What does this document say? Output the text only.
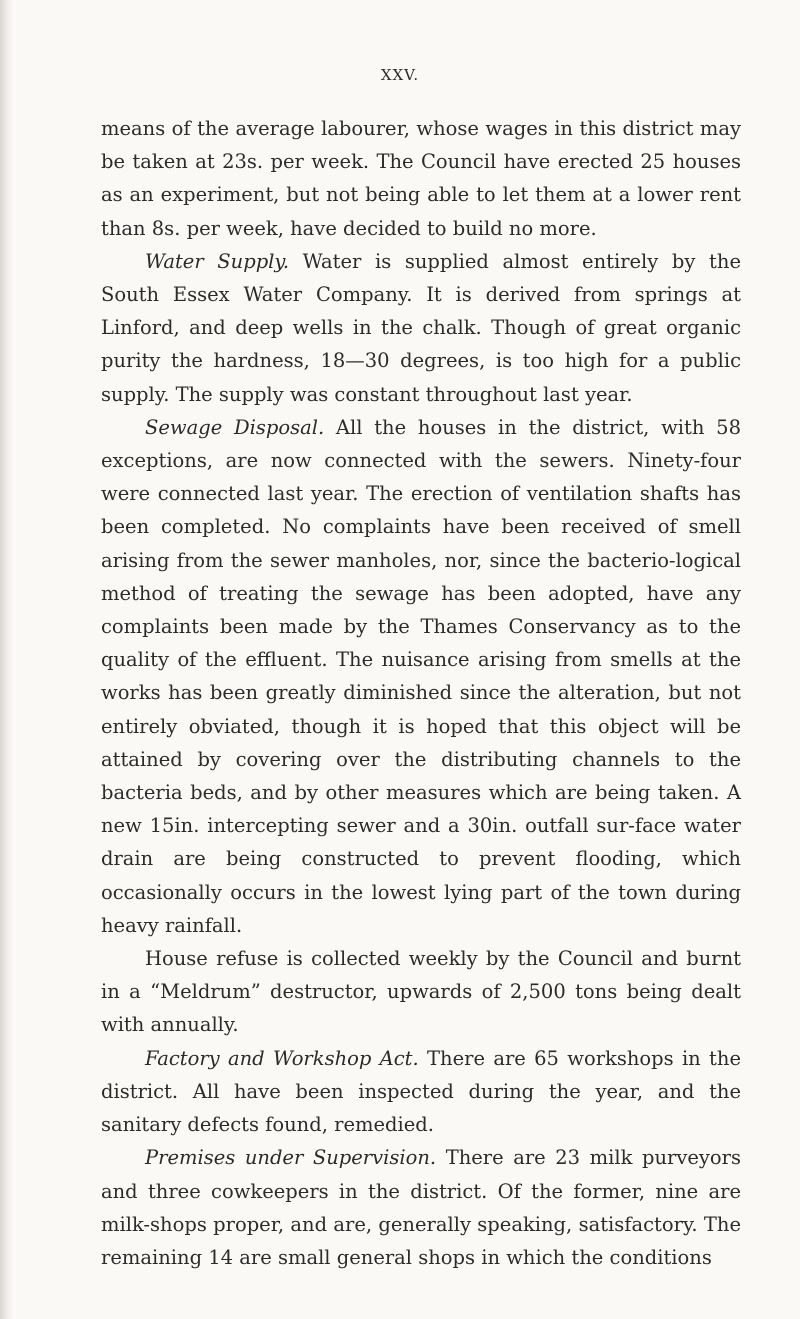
XXV.

means of the average labourer, whose wages in this district may be taken at 23s. per week. The Council have erected 25 houses as an experiment, but not being able to let them at a lower rent than 8s. per week, have decided to build no more.

Water Supply. Water is supplied almost entirely by the South Essex Water Company. It is derived from springs at Linford, and deep wells in the chalk. Though of great organic purity the hardness, 18—30 degrees, is too high for a public supply. The supply was constant throughout last year.

Sewage Disposal. All the houses in the district, with 58 exceptions, are now connected with the sewers. Ninety-four were connected last year. The erection of ventilation shafts has been completed. No complaints have been received of smell arising from the sewer manholes, nor, since the bacterio-logical method of treating the sewage has been adopted, have any complaints been made by the Thames Conservancy as to the quality of the effluent. The nuisance arising from smells at the works has been greatly diminished since the alteration, but not entirely obviated, though it is hoped that this object will be attained by covering over the distributing channels to the bacteria beds, and by other measures which are being taken. A new 15in. intercepting sewer and a 30in. outfall sur-face water drain are being constructed to prevent flooding, which occasionally occurs in the lowest lying part of the town during heavy rainfall.

House refuse is collected weekly by the Council and burnt in a “Meldrum” destructor, upwards of 2,500 tons being dealt with annually.

Factory and Workshop Act. There are 65 workshops in the district. All have been inspected during the year, and the sanitary defects found, remedied.

Premises under Supervision. There are 23 milk purveyors and three cowkeepers in the district. Of the former, nine are milk-shops proper, and are, generally speaking, satisfactory. The remaining 14 are small general shops in which the conditions
